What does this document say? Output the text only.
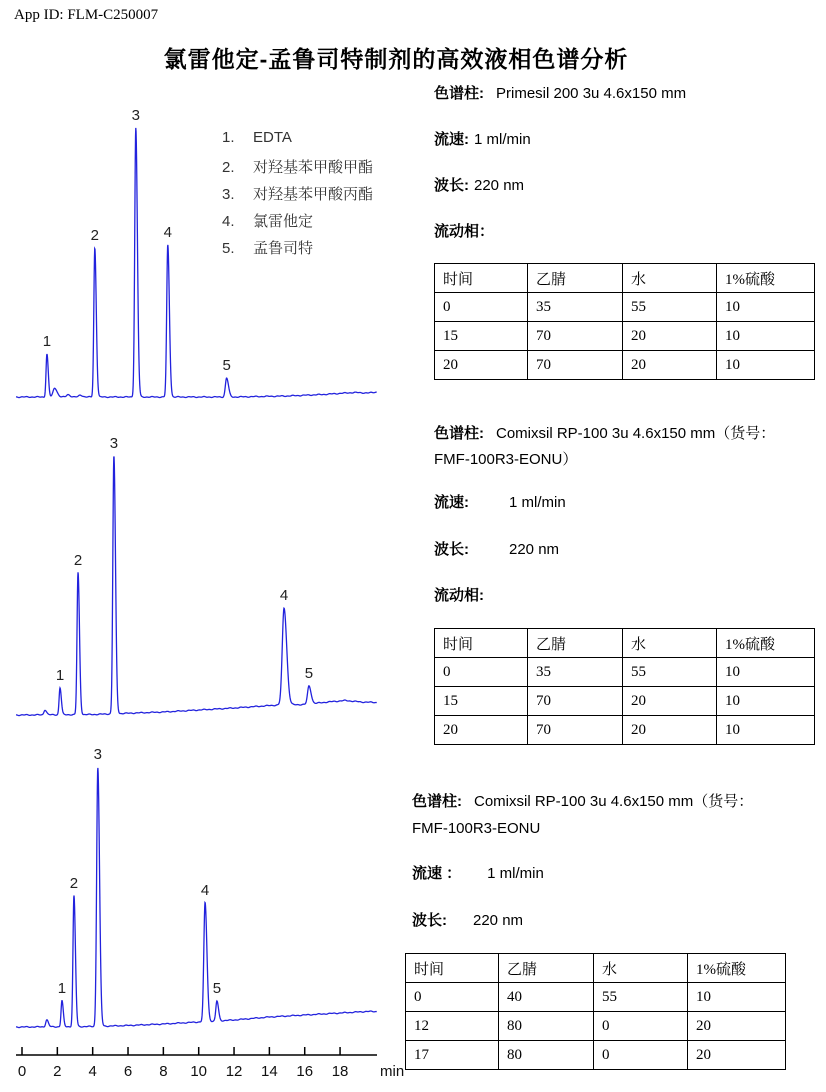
App ID: FLM-C250007
氯雷他定-孟鲁司特制剂的高效液相色谱分析
1. EDTA
2. 对羟基苯甲酸甲酯
3. 对羟基苯甲酸丙酯
4. 氯雷他定
5. 孟鲁司特
1
2
3
4
5
1
2
3
4
5
1
2
3
4
5
0 2 4 6 8 10 12 14 16 18 min
色谱柱: Primesil 200 3u 4.6x150 mm
流速: 1 ml/min
波长: 220 nm
流动相：
时间	乙腈	水	1%硫酸
0	35	55	10
15	70	20	10
20	70	20	10
色谱柱: Comixsil RP-100 3u 4.6x150 mm（货号：
FMF-100R3-EONU）
流速:	1 ml/min
波长:	220 nm
流动相:
时间	乙腈	水	1%硫酸
0	35	55	10
15	70	20	10
20	70	20	10
色谱柱: Comixsil RP-100 3u 4.6x150 mm（货号：
FMF-100R3-EONU
流速 ： 1 ml/min
波长: 220 nm
时间	乙腈	水	1%硫酸
0	40	55	10
12	80	0	20
17	80	0	20
